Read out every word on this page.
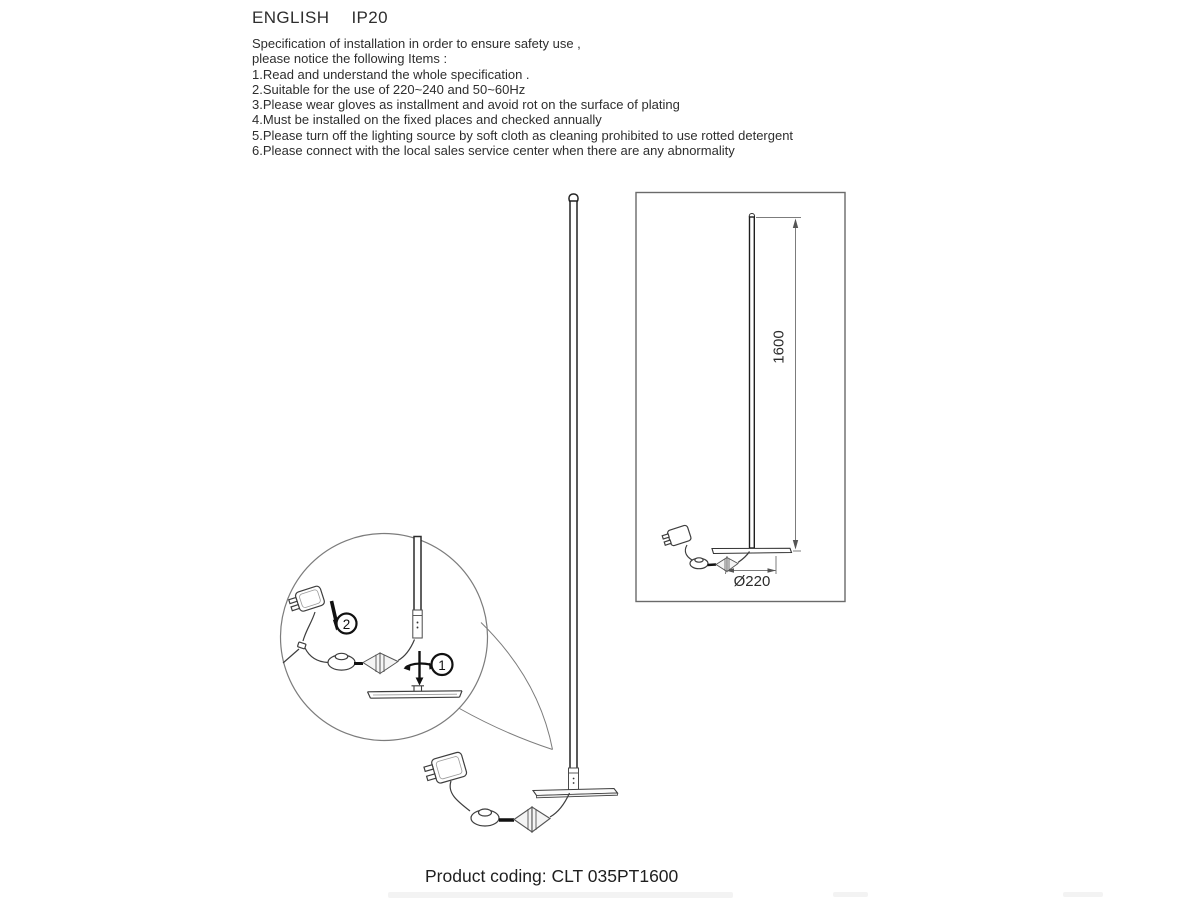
ENGLISH IP20
Specification of installation in order to ensure safety use ,
please notice the following Items :
1.Read and understand the whole specification .
2.Suitable for the use of 220~240 and 50~60Hz
3.Please wear gloves as installment and avoid rot on the surface of plating
4.Must be installed on the fixed places and checked annually
5.Please turn off the lighting source by soft cloth as cleaning prohibited to use rotted detergent
6.Please connect with the local sales service center when there are any abnormality
1600
Ø220
2
1
Product coding: CLT 035PT1600
